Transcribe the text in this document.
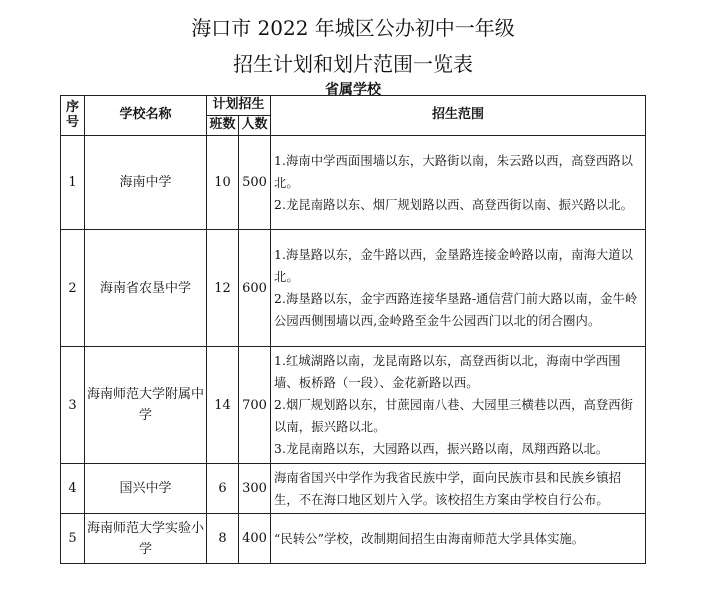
海口市 2022 年城区公办初中一年级
招生计划和划片范围一览表
省属学校
序号	学校名称	计划招生		招生范围
		班数	人数	
1	海南中学	10	500	1.海南中学西面围墙以东，大路街以南，朱云路以西，高登西路以北。
2.龙昆南路以东、烟厂规划路以西、高登西街以南、振兴路以北。

2	海南省农垦中学	12	600	1.海垦路以东，金牛路以西，金垦路连接金岭路以南，南海大道以北。
2.海垦路以东，金宇西路连接华垦路-通信营门前大路以南，金牛岭公园西侧围墙以西,金岭路至金牛公园西门以北的闭合圈内。

3	海南师范大学附属中学	14	700	1.红城湖路以南，龙昆南路以东，高登西街以北，海南中学西围墙、板桥路（一段）、金花新路以西。
2.烟厂规划路以东，甘蔗园南八巷、大园里三横巷以西，高登西街以南，振兴路以北。
3.龙昆南路以东，大园路以西，振兴路以南，凤翔西路以北。

4	国兴中学	6	300	海南省国兴中学作为我省民族中学，面向民族市县和民族乡镇招生，不在海口地区划片入学。该校招生方案由学校自行公布。

5	海南师范大学实验小学	8	400	“民转公”学校，改制期间招生由海南师范大学具体实施。
